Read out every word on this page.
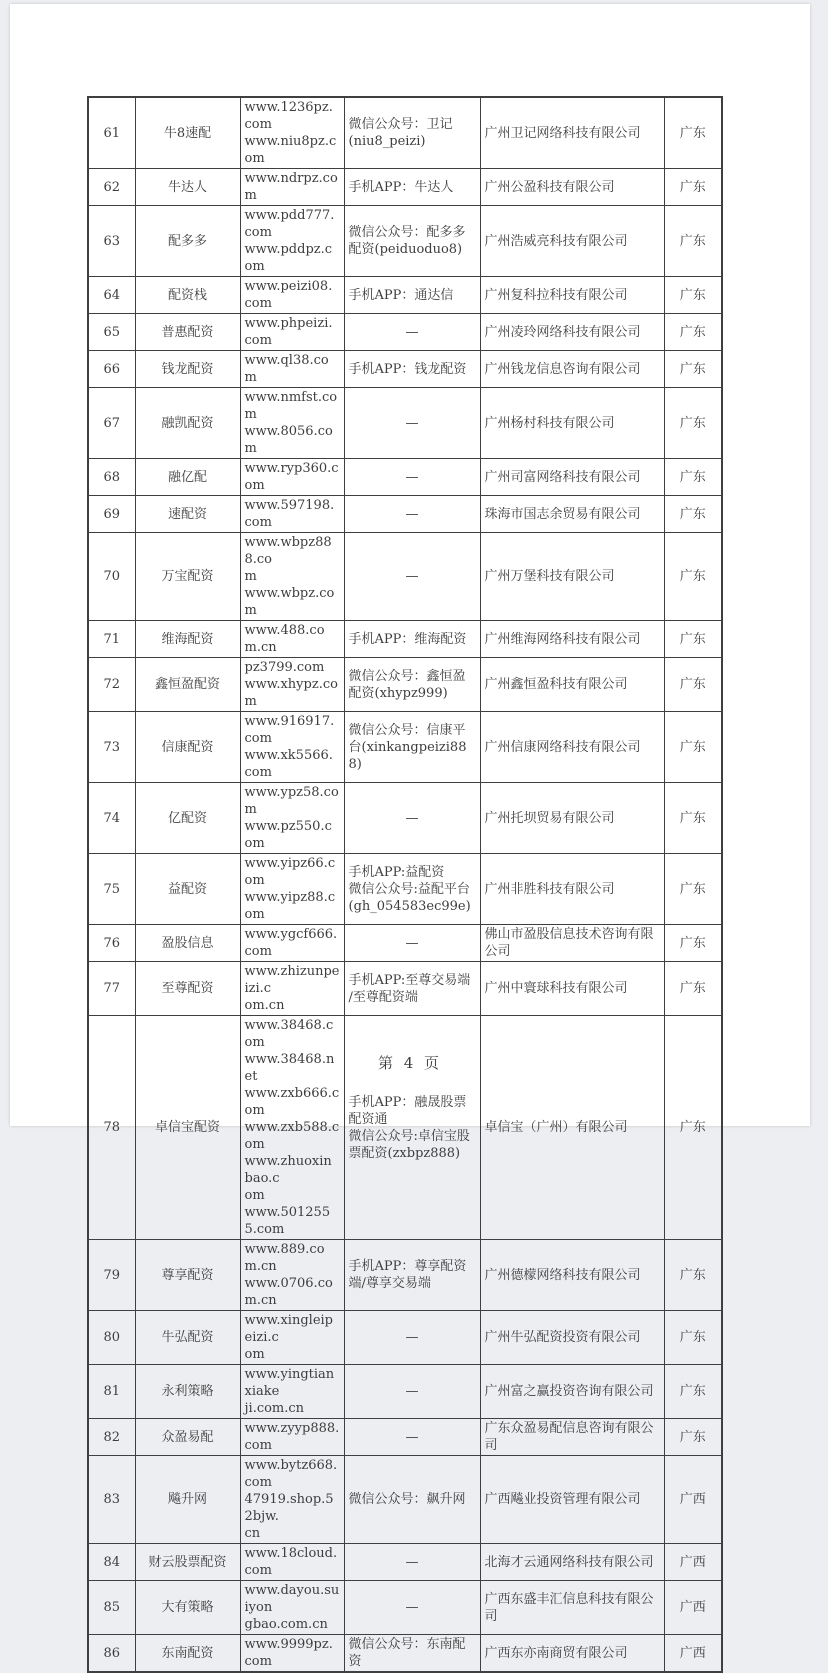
61	牛8速配	
www.1236pz.com
www.niu8pz.com

微信公众号：卫记
(niu8_peizi)
	广州卫记网络科技有限公司	广东
62	牛达人	www.ndrpz.com	手机APP：牛达人	广州公盈科技有限公司	广东
63	配多多	
www.pdd777.com
www.pddpz.com

微信公众号：配多多
配资(peiduoduo8)
	广州浩威亮科技有限公司	广东
64	配资栈	www.peizi08.com	手机APP：通达信	广州复科拉科技有限公司	广东
65	普惠配资	www.phpeizi.com	—	广州凌玲网络科技有限公司	广东
66	钱龙配资	www.ql38.com	手机APP：钱龙配资	广州钱龙信息咨询有限公司	广东
67	融凯配资	www.nmfst.com
www.8056.com	—	广州杨村科技有限公司	广东
68	融亿配	www.ryp360.com	—	广州司富网络科技有限公司	广东
69	速配资	www.597198.com	—	珠海市国志余贸易有限公司	广东
70	万宝配资	www.wbpz888.co
m
www.wbpz.com	—	广州万堡科技有限公司	广东
71	维海配资	www.488.com.cn	手机APP：维海配资	广州维海网络科技有限公司	广东
72	鑫恒盈配资	
pz3799.com
www.xhypz.com

微信公众号：鑫恒盈
配资(xhypz999)
	广州鑫恒盈科技有限公司	广东
73	信康配资	
www.916917.com
www.xk5566.com

微信公众号：信康平
台(xinkangpeizi888)
	广州信康网络科技有限公司	广东
74	亿配资	www.ypz58.com
www.pz550.com	—	广州托坝贸易有限公司	广东
75	益配资	
www.yipz66.com
www.yipz88.com

手机APP:益配资
微信公众号:益配平台
(gh_054583ec99e)
	广州非胜科技有限公司	广东
76	盈股信息	www.ygcf666.com	—	佛山市盈股信息技术咨询有限公司	广东
77	至尊配资	
www.zhizunpeizi.c
om.cn

手机APP:至尊交易端
/至尊配资端
	广州中寰球科技有限公司	广东
78	卓信宝配资	
www.38468.com
www.38468.net
www.zxb666.com
www.zxb588.com
www.zhuoxinbao.c
om
www.5012555.com

手机APP：融晟股票
配资通
微信公众号:卓信宝股
票配资(zxbpz888)
	卓信宝（广州）有限公司	广东
79	尊享配资	
www.889.com.cn
www.0706.com.cn

手机APP：尊享配资
端/尊享交易端
	广州德檬网络科技有限公司	广东
80	牛弘配资	www.xingleipeizi.c
om	—	广州牛弘配资投资有限公司	广东
81	永利策略	www.yingtianxiake
ji.com.cn	—	广州富之赢投资咨询有限公司	广东
82	众盈易配	www.zyyp888.com	—	广东众盈易配信息咨询有限公司	广东
83	飚升网	www.bytz668.com
47919.shop.52bjw.
cn	微信公众号：飙升网	广西飚业投资管理有限公司	广西
84	财云股票配资	www.18cloud.com	—	北海才云通网络科技有限公司	广西
85	大有策略	www.dayou.suiyon
gbao.com.cn	—	广西东盛丰汇信息科技有限公司	广西
86	东南配资	www.9999pz.com	微信公众号：东南配
资	广西东亦南商贸有限公司	广西
第 4 页
